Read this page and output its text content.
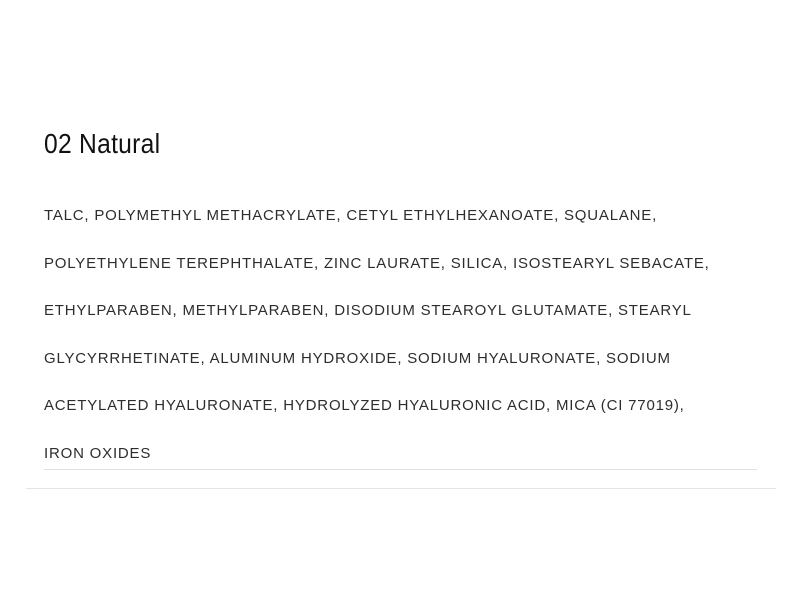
02 Natural
TALC, POLYMETHYL METHACRYLATE, CETYL ETHYLHEXANOATE, SQUALANE,
POLYETHYLENE TEREPHTHALATE, ZINC LAURATE, SILICA, ISOSTEARYL SEBACATE,
ETHYLPARABEN, METHYLPARABEN, DISODIUM STEAROYL GLUTAMATE, STEARYL
GLYCYRRHETINATE, ALUMINUM HYDROXIDE, SODIUM HYALURONATE, SODIUM
ACETYLATED HYALURONATE, HYDROLYZED HYALURONIC ACID, MICA (CI 77019),
IRON OXIDES
